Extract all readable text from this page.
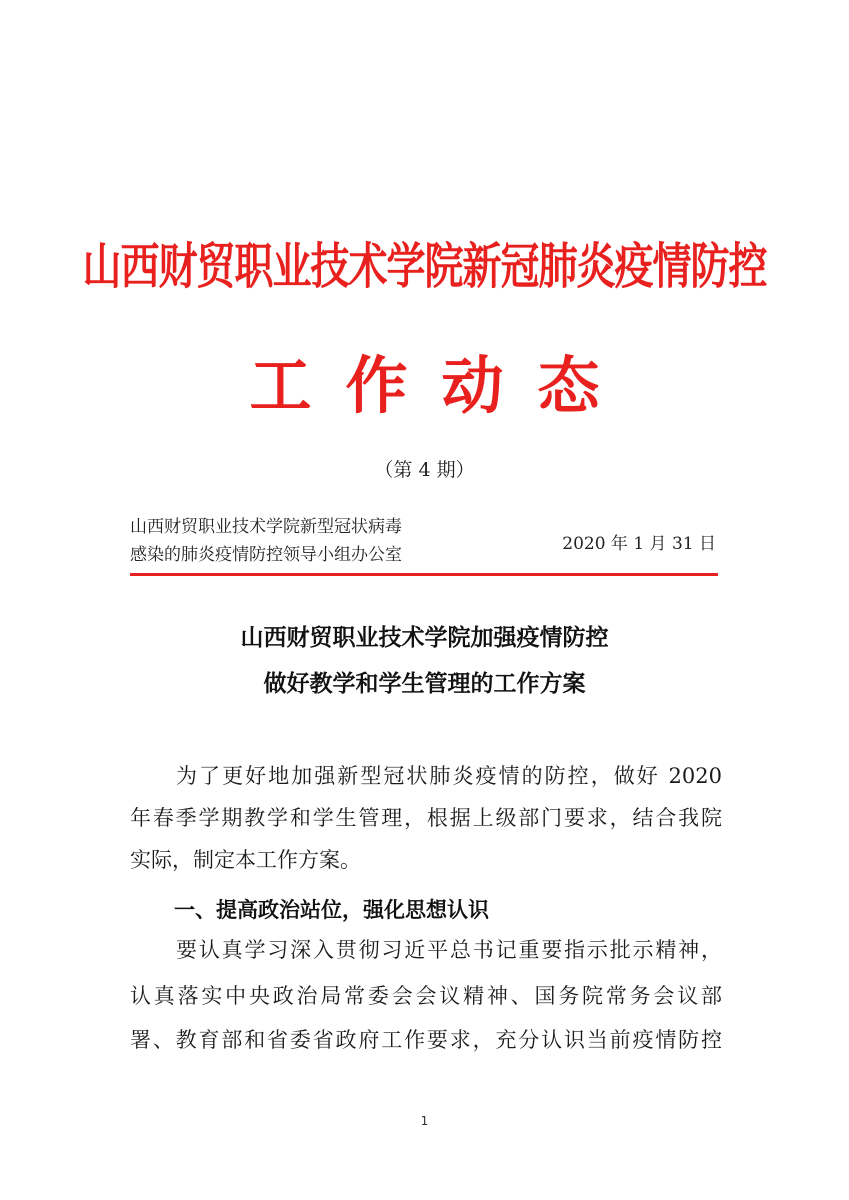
山西财贸职业技术学院新冠肺炎疫情防控
工作动态
（第 4 期）
山西财贸职业技术学院新型冠状病毒
感染的肺炎疫情防控领导小组办公室
2020 年 1 月 31 日
山西财贸职业技术学院加强疫情防控
做好教学和学生管理的工作方案
为了更好地加强新型冠状肺炎疫情的防控，做好 2020
年春季学期教学和学生管理，根据上级部门要求，结合我院
实际，制定本工作方案。
一、提高政治站位，强化思想认识
要认真学习深入贯彻习近平总书记重要指示批示精神，
认真落实中央政治局常委会会议精神、国务院常务会议部
署、教育部和省委省政府工作要求，充分认识当前疫情防控
1
